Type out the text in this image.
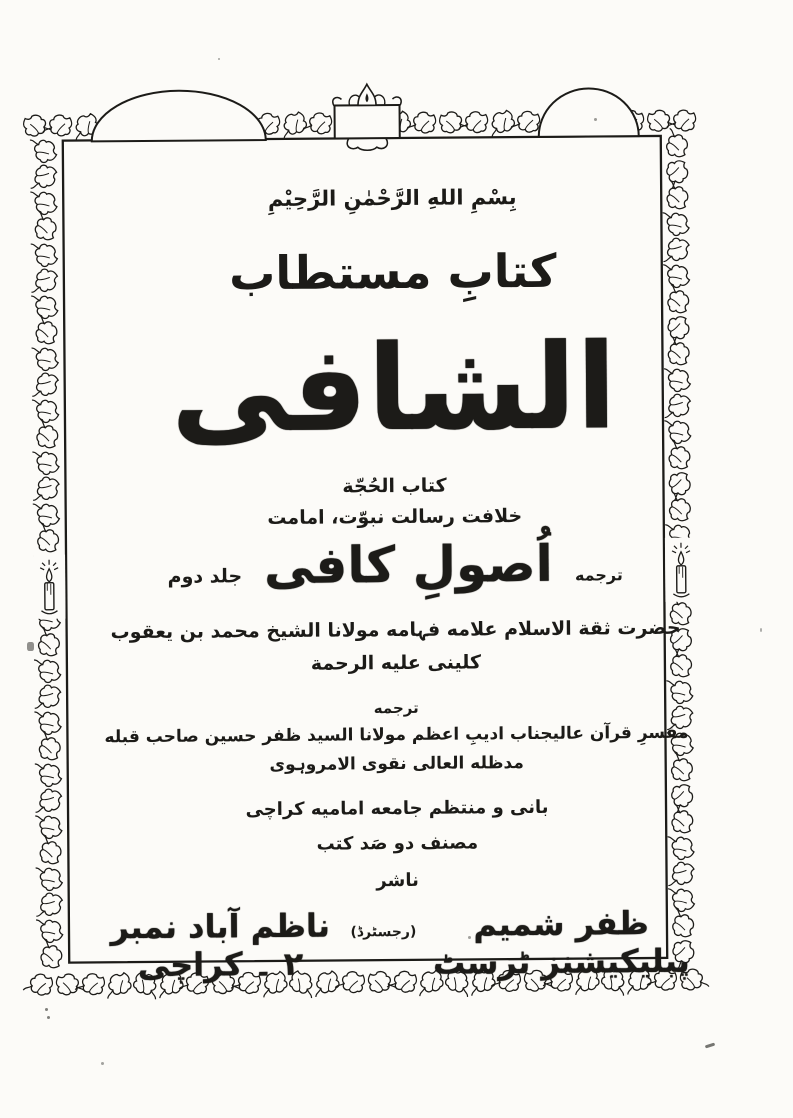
بِسْمِ اللهِ الرَّحْمٰنِ الرَّحِيْمِ
کتابِ مستطاب
الشافی
کتاب الحُجّة
خلافت رسالت نبوّت، امامت
ترجمه
اُصولِ کافی
جلد دوم
حضرت ثقة الاسلام علامه فہامه مولانا الشیخ محمد بن یعقوب کلینی علیه الرحمة
ترجمه
مفسرِ قرآن عالیجناب ادیبِ اعظم مولانا السید ظفر حسین صاحب قبله مدظله العالی نقوی الامروہوی
بانی و منتظم جامعه امامیه کراچی
مصنف دو صَد کتب
ناشر
ظفر شمیم پبلیکیشنز ٹرسٹ
(رجسٹرڈ)
ناظم آباد نمبر ۲ ۔ کراچی
